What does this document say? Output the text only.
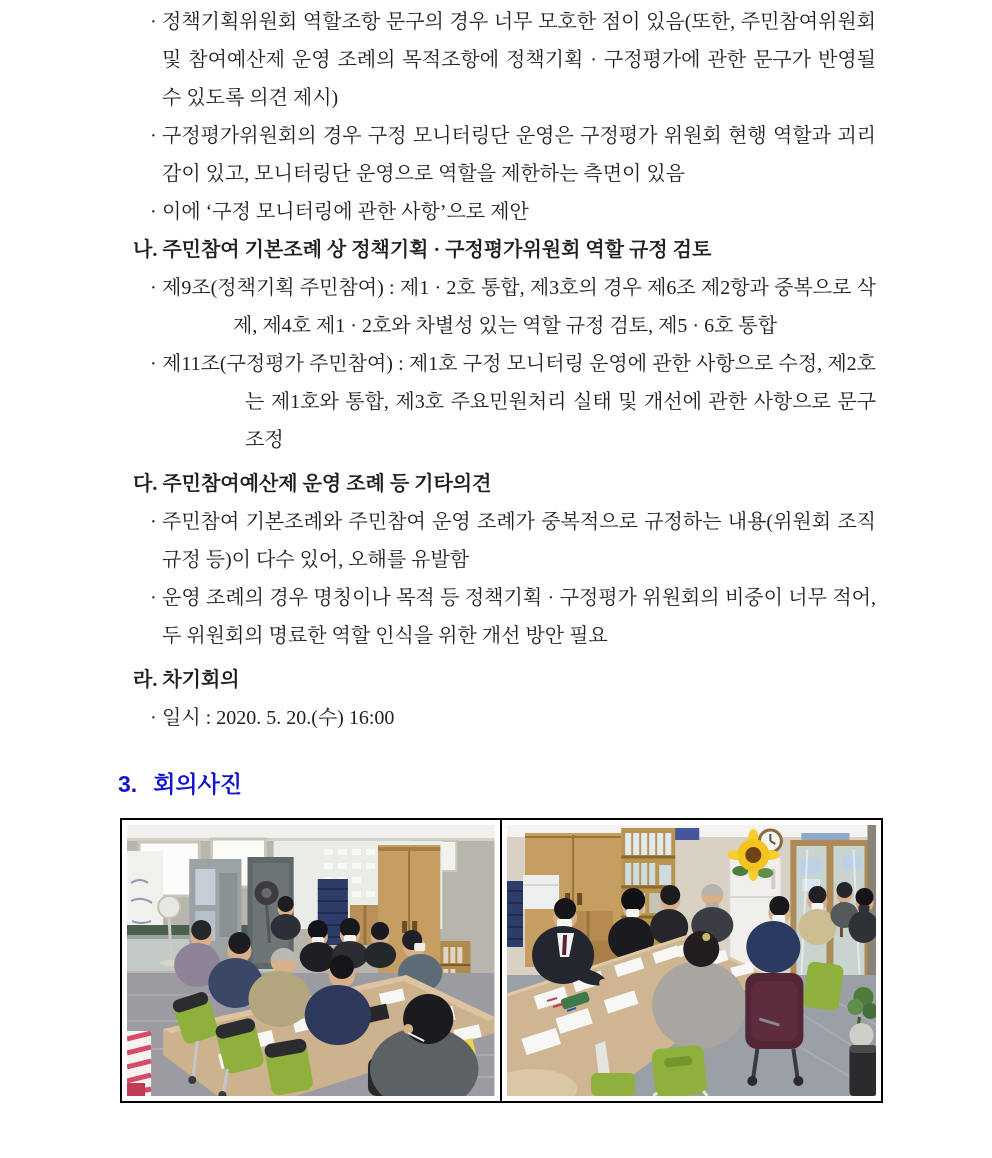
· 정책기획위원회 역할조항 문구의 경우 너무 모호한 점이 있음(또한, 주민참여위원회 및 참여예산제 운영 조례의 목적조항에 정책기획 · 구정평가에 관한 문구가 반영될 수 있도록 의견 제시)
· 구정평가위원회의 경우 구정 모니터링단 운영은 구정평가 위원회 현행 역할과 괴리감이 있고, 모니터링단 운영으로 역할을 제한하는 측면이 있음
· 이에 ‘구정 모니터링에 관한 사항’으로 제안
나. 주민참여 기본조례 상 정책기획 · 구정평가위원회 역할 규정 검토
· 제9조(정책기획 주민참여) : 제1 · 2호 통합, 제3호의 경우 제6조 제2항과 중복으로 삭제, 제4호 제1 · 2호와 차별성 있는 역할 규정 검토, 제5 · 6호 통합
· 제11조(구정평가 주민참여) : 제1호 구정 모니터링 운영에 관한 사항으로 수정, 제2호는 제1호와 통합, 제3호 주요민원처리 실태 및 개선에 관한 사항으로 문구 조정
다. 주민참여예산제 운영 조례 등 기타의견
· 주민참여 기본조례와 주민참여 운영 조례가 중복적으로 규정하는 내용(위원회 조직 규정 등)이 다수 있어, 오해를 유발함
· 운영 조례의 경우 명칭이나 목적 등 정책기획 · 구정평가 위원회의 비중이 너무 적어, 두 위원회의 명료한 역할 인식을 위한 개선 방안 필요
라. 차기회의
· 일시 : 2020. 5. 20.(수) 16:00
3. 회의사진
